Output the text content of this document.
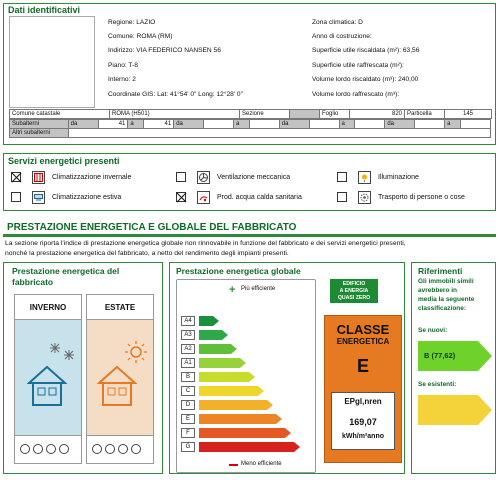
Dati identificativi
Regione: LAZIO
Comune: ROMA (RM)
Indirizzo: VIA FEDERICO NANSEN 56
Piano: T-8
Interno: 2
Coordinate GIS: Lat: 41°54' 0" Long: 12°28' 0"
Zona climatica: D
Anno di costruzione:
Superficie utile riscaldata (m²): 63,56
Superficie utile raffrescata (m²):
Volume lordo riscaldato (m³): 240,00
Volume lordo raffrescato (m³):
Comune catastale	ROMA (H501)	Sezione		Foglio	820	Particella	145
Subalterni	da	41	a	41	da		a		da		a		da		a	
Altri subalterni																
Servizi energetici presenti
Climatizzazione invernale
Climatizzazione estiva
Ventilazione meccanica
Prod. acqua calda sanitaria
Illuminazione
Trasporto di persone o cose
PRESTAZIONE ENERGETICA E GLOBALE DEL FABBRICATO
La sezione riporta l'indice di prestazione energetica globale non rinnovabile in funzione del fabbricato e dei servizi energetici presenti,
nonché la prestazione energetica del fabbricato, a netto del rendimento degli impianti presenti.
Prestazione energetica del
fabbricato
INVERNO	ESTATE
Prestazione energetica globale
+ Più efficiente
A4
A3
A2
A1
B
C
D
E
F
G
Meno efficiente
EDIFICIO
A ENERGIA
QUASI ZERO
CLASSE
ENERGETICA
E
EPgl,nren
169,07
kWh/m²anno
Riferimenti
Gli immobili simili
avrebbero in
media la seguente
classificazione:
Se nuovi:
B (77,62)
Se esistenti:
